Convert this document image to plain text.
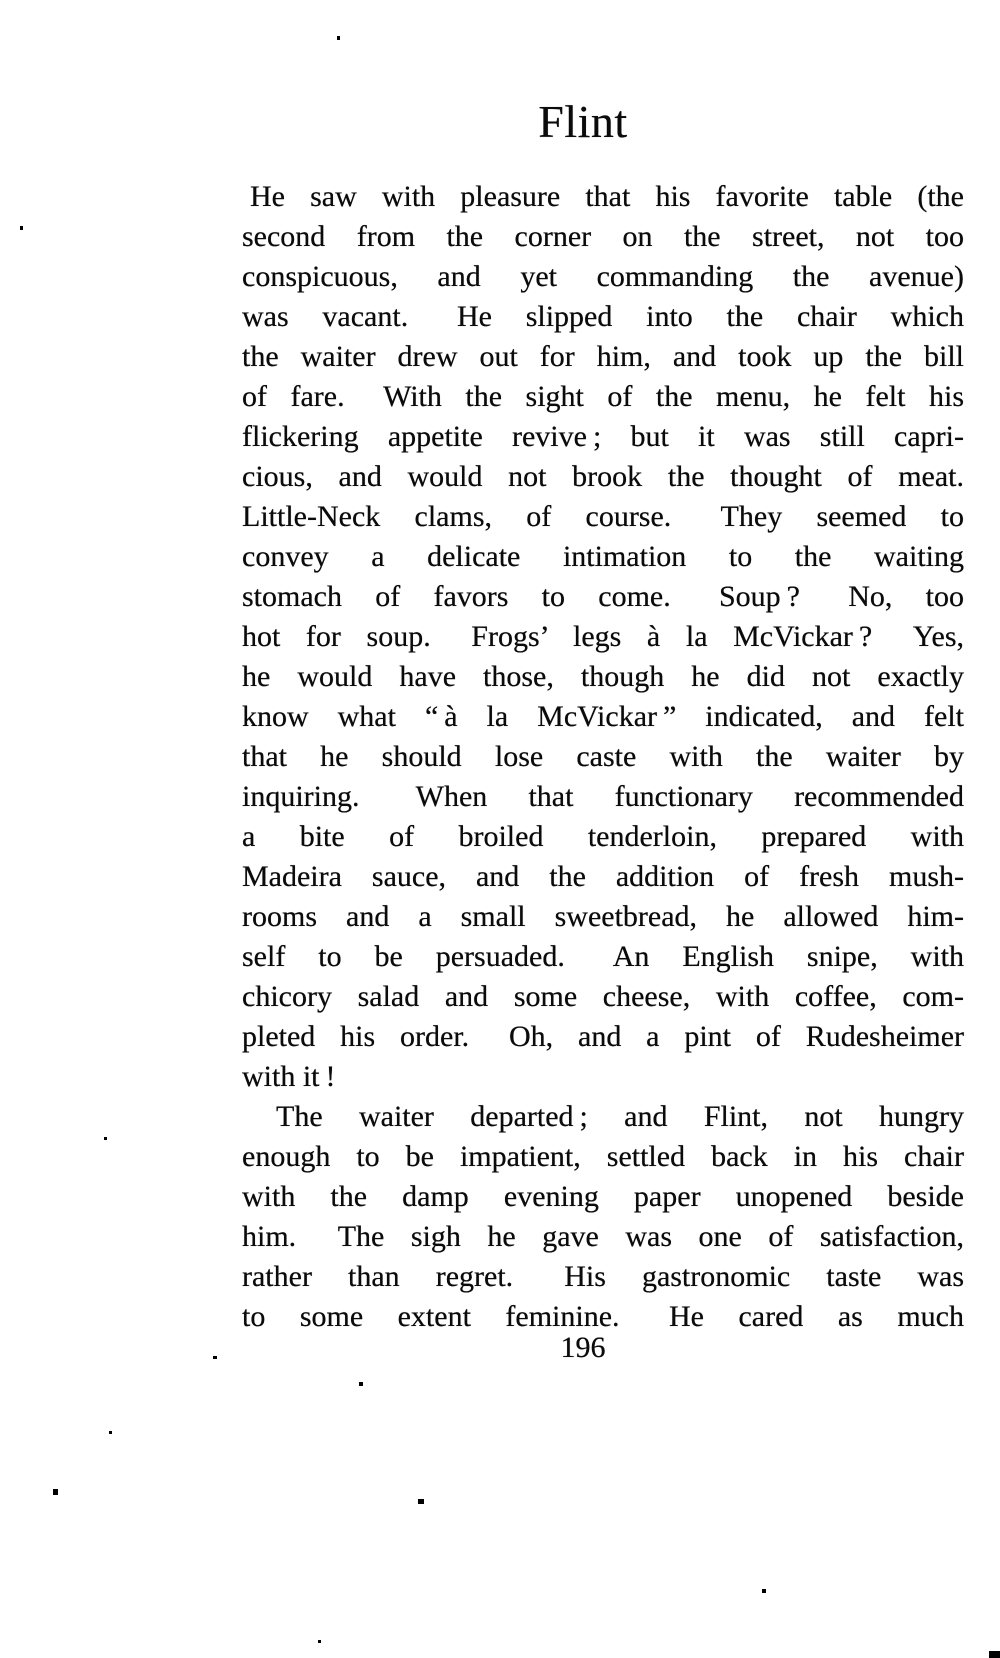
Flint
He saw with pleasure that his favorite table (the
second from the corner on the street, not too
conspicuous, and yet commanding the avenue)
was vacant.  He slipped into the chair which
the waiter drew out for him, and took up the bill
of fare.  With the sight of the menu, he felt his
flickering appetite revive ; but it was still capri-
cious, and would not brook the thought of meat.
Little-Neck clams, of course.  They seemed to
convey a delicate intimation to the waiting
stomach of favors to come.  Soup ?  No, too
hot for soup.  Frogs’ legs à la McVickar ?  Yes,
he would have those, though he did not exactly
know what “ à la McVickar ” indicated, and felt
that he should lose caste with the waiter by
inquiring.  When that functionary recommended
a bite of broiled tenderloin, prepared with
Madeira sauce, and the addition of fresh mush-
rooms and a small sweetbread, he allowed him-
self to be persuaded.  An English snipe, with
chicory salad and some cheese, with coffee, com-
pleted his order.  Oh, and a pint of Rudesheimer
with it !
The waiter departed ; and Flint, not hungry
enough to be impatient, settled back in his chair
with the damp evening paper unopened beside
him.  The sigh he gave was one of satisfaction,
rather than regret.  His gastronomic taste was
to some extent feminine.  He cared as much
196
